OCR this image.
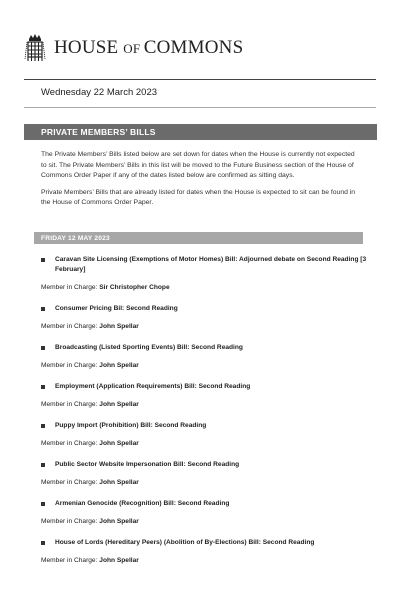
HOUSE OF COMMONS
Wednesday 22 March 2023
PRIVATE MEMBERS’ BILLS

The Private Members’ Bills listed below are set down for dates when the House is currently not expected to sit. The Private Members’ Bills in this list will be moved to the Future Business section of the House of Commons Order Paper if any of the dates listed below are confirmed as sitting days.

Private Members’ Bills that are already listed for dates when the House is expected to sit can be found in the House of Commons Order Paper.

FRIDAY 12 MAY 2023
Caravan Site Licensing (Exemptions of Motor Homes) Bill: Adjourned debate on Second Reading [3 February]
Member in Charge: Sir Christopher Chope
Consumer Pricing Bil: Second Reading
Member in Charge: John Spellar
Broadcasting (Listed Sporting Events) Bill: Second Reading
Member in Charge: John Spellar
Employment (Application Requirements) Bill: Second Reading
Member in Charge: John Spellar
Puppy Import (Prohibition) Bill: Second Reading
Member in Charge: John Spellar
Public Sector Website Impersonation Bill: Second Reading
Member in Charge: John Spellar
Armenian Genocide (Recognition) Bill: Second Reading
Member in Charge: John Spellar
House of Lords (Hereditary Peers) (Abolition of By-Elections) Bill: Second Reading
Member in Charge: John Spellar
